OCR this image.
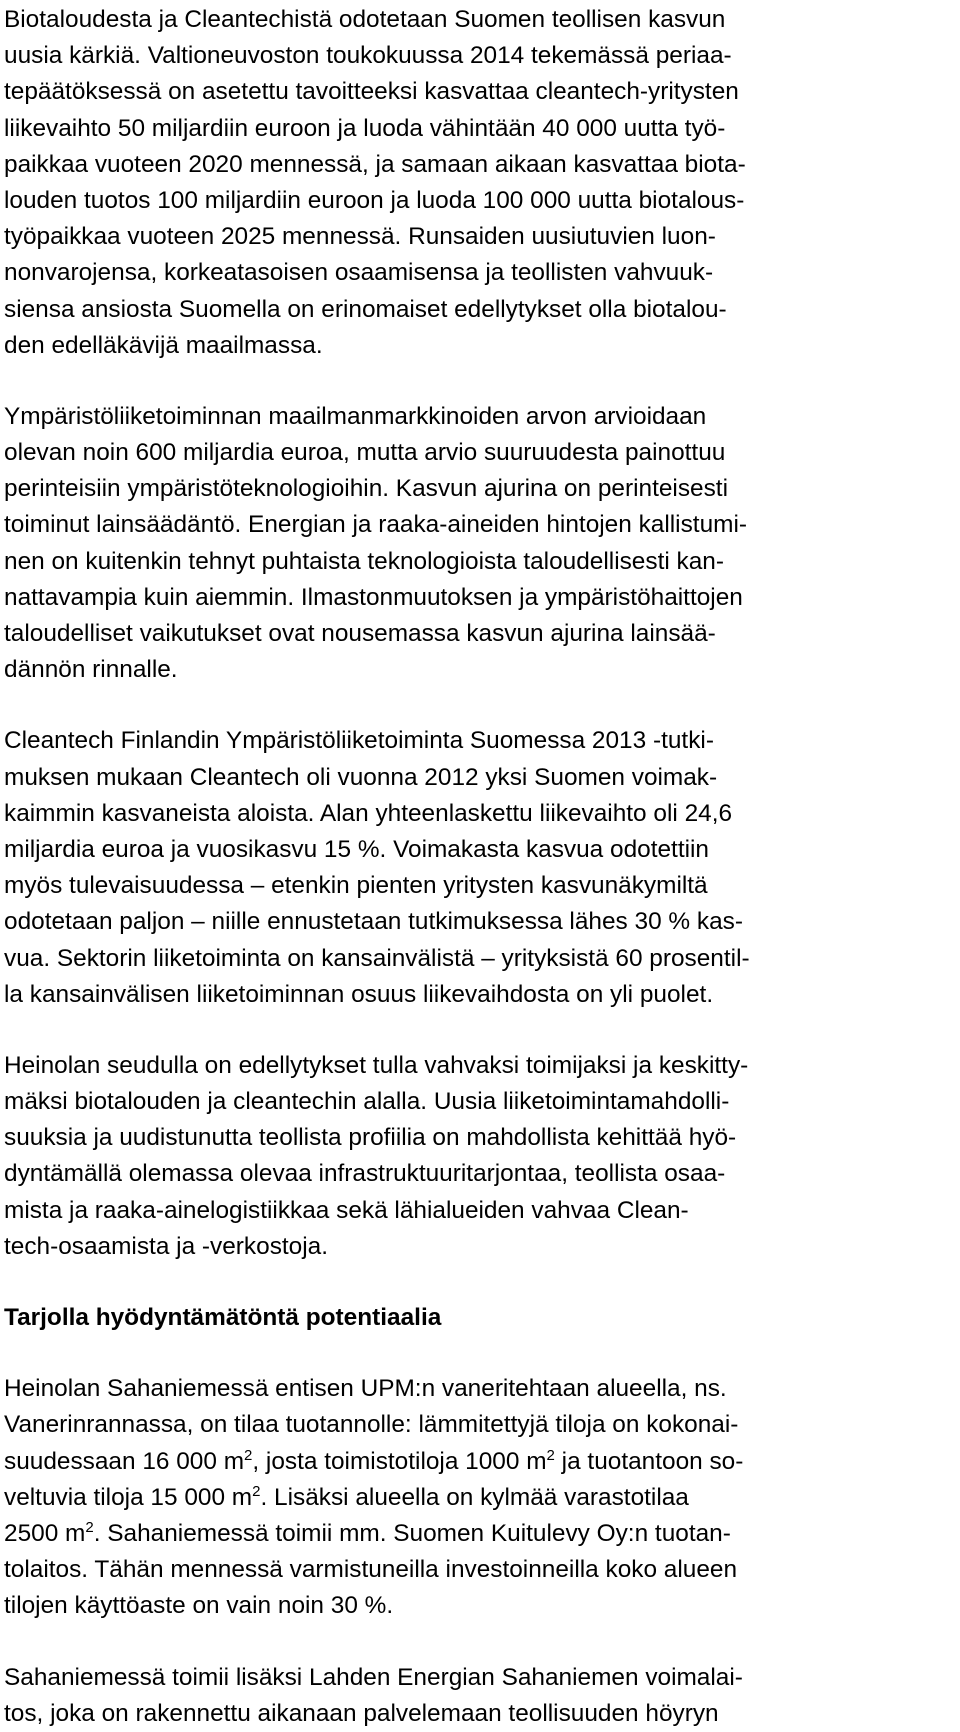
Biotaloudesta ja Cleantechistä odotetaan Suomen teollisen kasvun
uusia kärkiä. Valtioneuvoston toukokuussa 2014 tekemässä periaa-
tepäätöksessä on asetettu tavoitteeksi kasvattaa cleantech-yritysten
liikevaihto 50 miljardiin euroon ja luoda vähintään 40 000 uutta työ-
paikkaa vuoteen 2020 mennessä, ja samaan aikaan kasvattaa biota-
louden tuotos 100 miljardiin euroon ja luoda 100 000 uutta biotalous-
työpaikkaa vuoteen 2025 mennessä. Runsaiden uusiutuvien luon-
nonvarojensa, korkeatasoisen osaamisensa ja teollisten vahvuuk-
siensa ansiosta Suomella on erinomaiset edellytykset olla biotalou-
den edelläkävijä maailmassa.
Ympäristöliiketoiminnan maailmanmarkkinoiden arvon arvioidaan
olevan noin 600 miljardia euroa, mutta arvio suuruudesta painottuu
perinteisiin ympäristöteknologioihin. Kasvun ajurina on perinteisesti
toiminut lainsäädäntö. Energian ja raaka-aineiden hintojen kallistumi-
nen on kuitenkin tehnyt puhtaista teknologioista taloudellisesti kan-
nattavampia kuin aiemmin. Ilmastonmuutoksen ja ympäristöhaittojen
taloudelliset vaikutukset ovat nousemassa kasvun ajurina lainsää-
dännön rinnalle.
Cleantech Finlandin Ympäristöliiketoiminta Suomessa 2013 -tutki-
muksen mukaan Cleantech oli vuonna 2012 yksi Suomen voimak-
kaimmin kasvaneista aloista. Alan yhteenlaskettu liikevaihto oli 24,6
miljardia euroa ja vuosikasvu 15 %. Voimakasta kasvua odotettiin
myös tulevaisuudessa – etenkin pienten yritysten kasvunäkymiltä
odotetaan paljon – niille ennustetaan tutkimuksessa lähes 30 % kas-
vua. Sektorin liiketoiminta on kansainvälistä – yrityksistä 60 prosentil-
la kansainvälisen liiketoiminnan osuus liikevaihdosta on yli puolet.
Heinolan seudulla on edellytykset tulla vahvaksi toimijaksi ja keskitty-
mäksi biotalouden ja cleantechin alalla. Uusia liiketoimintamahdolli-
suuksia ja uudistunutta teollista profiilia on mahdollista kehittää hyö-
dyntämällä olemassa olevaa infrastruktuuritarjontaa, teollista osaa-
mista ja raaka-ainelogistiikkaa sekä lähialueiden vahvaa Clean-
tech-osaamista ja -verkostoja.
Tarjolla hyödyntämätöntä potentiaalia
Heinolan Sahaniemessä entisen UPM:n vaneritehtaan alueella, ns.
Vanerinrannassa, on tilaa tuotannolle: lämmitettyjä tiloja on kokonai-
suudessaan 16 000 $m^2$, josta toimistotiloja 1000 $m^2$ ja tuotantoon so-
veltuvia tiloja 15 000 $m^2$. Lisäksi alueella on kylmää varastotilaa
2500 $m^2$. Sahaniemessä toimii mm. Suomen Kuitulevy Oy:n tuotan-
tolaitos. Tähän mennessä varmistuneilla investoinneilla koko alueen
tilojen käyttöaste on vain noin 30 %.
Sahaniemessä toimii lisäksi Lahden Energian Sahaniemen voimalai-
tos, joka on rakennettu aikanaan palvelemaan teollisuuden höyryn
